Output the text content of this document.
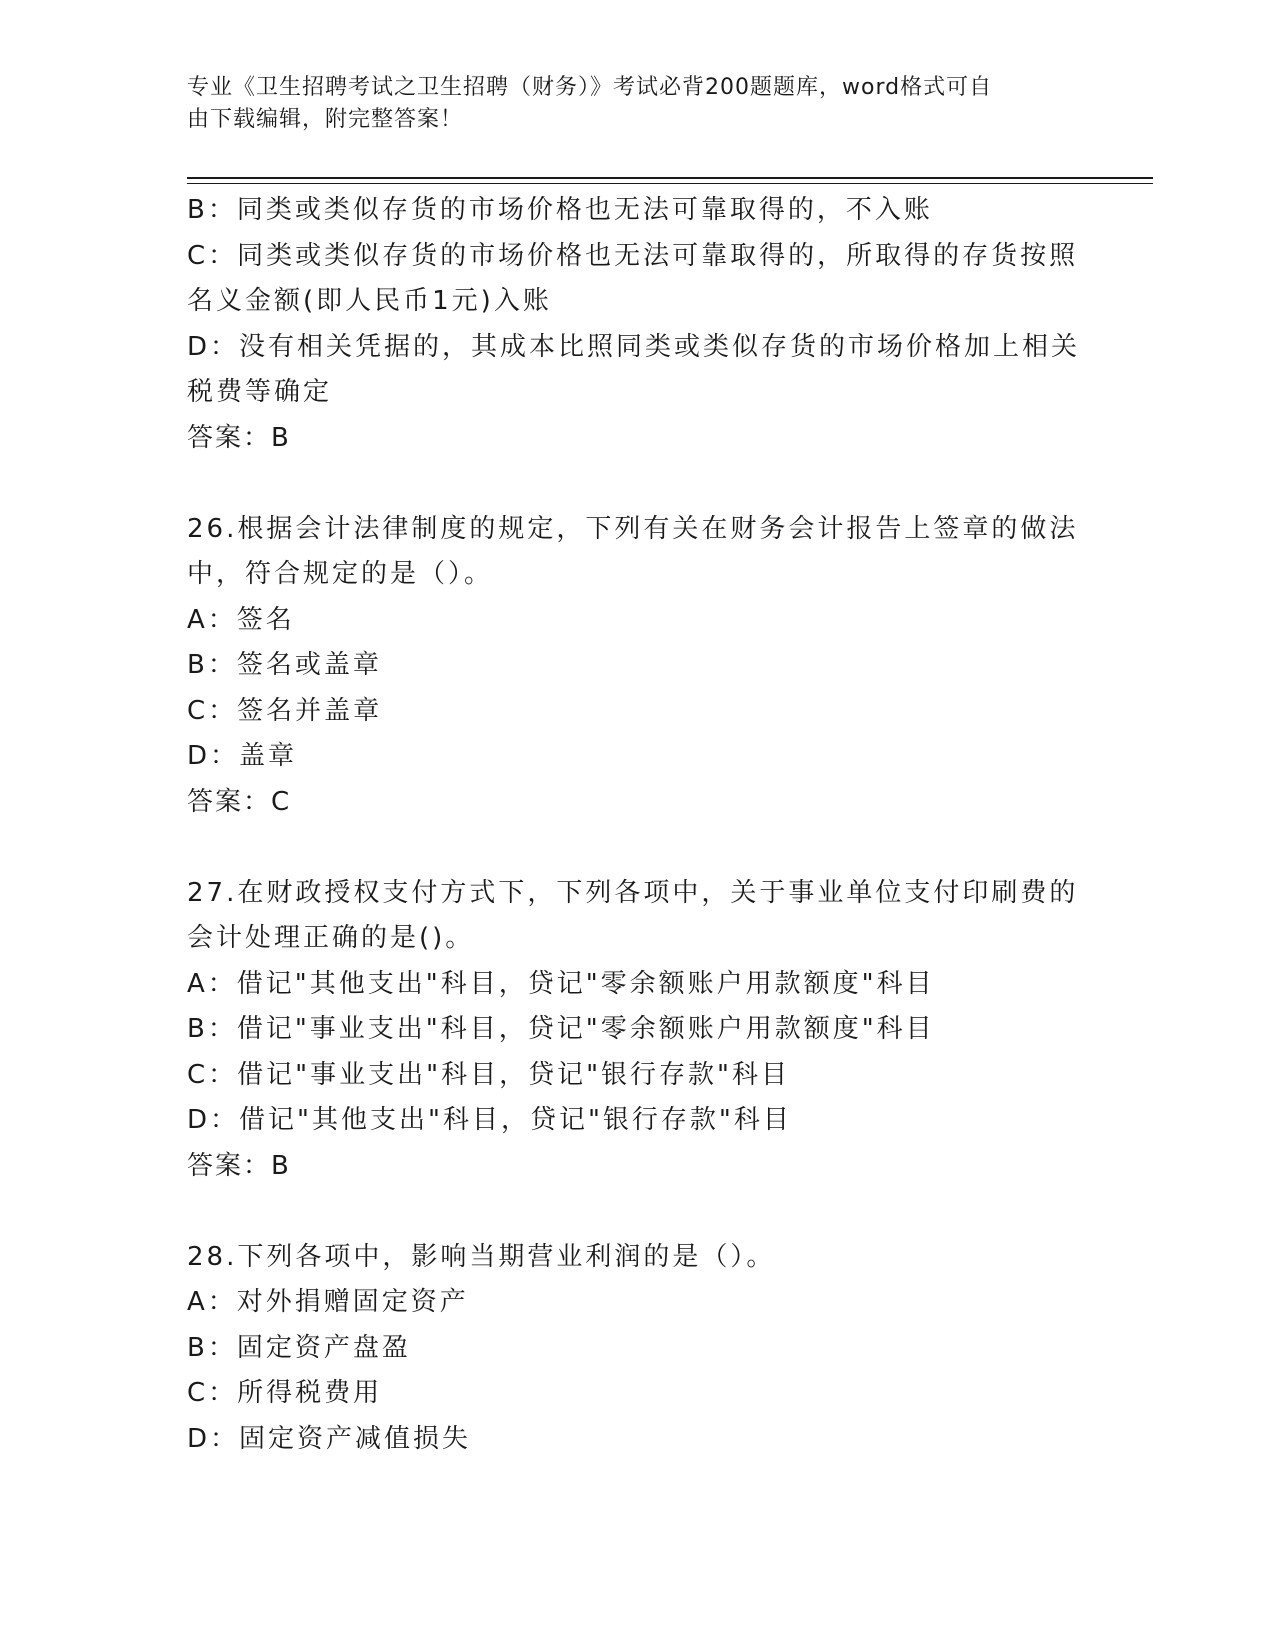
专业《卫生招聘考试之卫生招聘（财务）》考试必背200题题库，word格式可自
由下载编辑，附完整答案！

B：同类或类似存货的市场价格也无法可靠取得的，不入账

C：同类或类似存货的市场价格也无法可靠取得的，所取得的存货按照

名义金额(即人民币1元)入账

D：没有相关凭据的，其成本比照同类或类似存货的市场价格加上相关

税费等确定

答案：B

26.根据会计法律制度的规定，下列有关在财务会计报告上签章的做法

中，符合规定的是（）。

A：签名

B：签名或盖章

C：签名并盖章

D：盖章

答案：C

27.在财政授权支付方式下，下列各项中，关于事业单位支付印刷费的

会计处理正确的是()。

A：借记"其他支出"科目，贷记"零余额账户用款额度"科目

B：借记"事业支出"科目，贷记"零余额账户用款额度"科目

C：借记"事业支出"科目，贷记"银行存款"科目

D：借记"其他支出"科目，贷记"银行存款"科目

答案：B

28.下列各项中，影响当期营业利润的是（）。

A：对外捐赠固定资产

B：固定资产盘盈

C：所得税费用

D：固定资产减值损失
